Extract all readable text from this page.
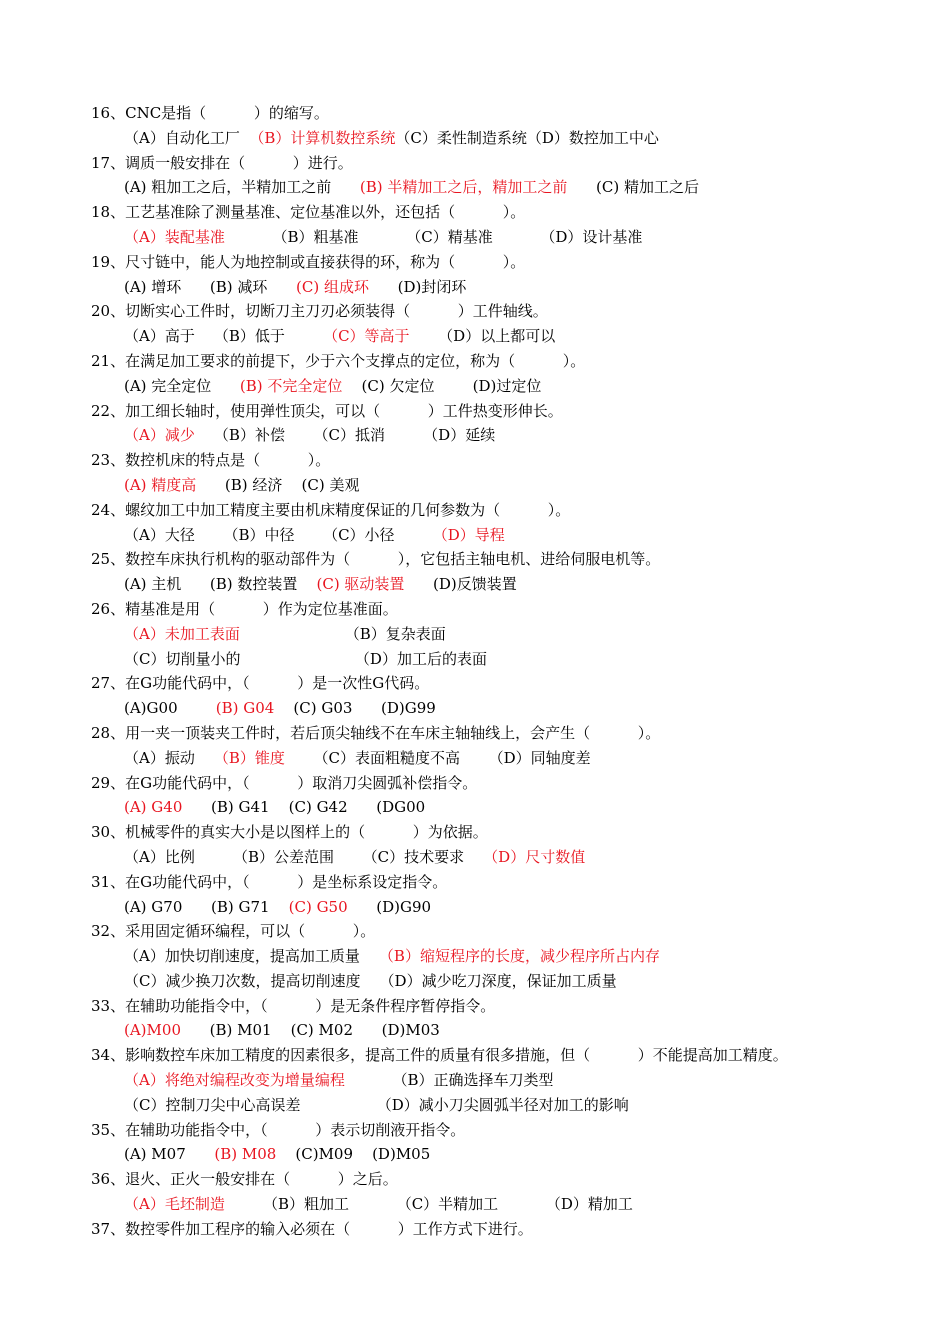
16、CNC是指（          ）的缩写。
（A）自动化工厂  （B）计算机数控系统（C）柔性制造系统（D）数控加工中心
17、调质一般安排在（          ）进行。
(A) 粗加工之后，半精加工之前      (B) 半精加工之后，精加工之前      (C) 精加工之后
18、工艺基准除了测量基准、定位基准以外，还包括（          ）。
（A）装配基准          （B）粗基准          （C）精基准          （D）设计基准
19、尺寸链中，能人为地控制或直接获得的环，称为（          ）。
(A) 增环      (B) 减环      (C) 组成环      (D)封闭环
20、切断实心工件时，切断刀主刀刃必须装得（          ）工件轴线。
（A）高于    （B）低于        （C）等高于      （D）以上都可以
21、在满足加工要求的前提下，少于六个支撑点的定位，称为（          ）。
(A) 完全定位      (B) 不完全定位    (C) 欠定位        (D)过定位
22、加工细长轴时，使用弹性顶尖，可以（          ）工件热变形伸长。
（A）减少    （B）补偿      （C）抵消        （D）延续
23、数控机床的特点是（          ）。
(A) 精度高      (B) 经济    (C) 美观
24、螺纹加工中加工精度主要由机床精度保证的几何参数为（          ）。
（A）大径      （B）中径      （C）小径        （D）导程
25、数控车床执行机构的驱动部件为（          ），它包括主轴电机、进给伺服电机等。
(A) 主机      (B) 数控装置    (C) 驱动装置      (D)反馈装置
26、精基准是用（          ）作为定位基准面。
（A）未加工表面                      （B）复杂表面
（C）切削量小的                        （D）加工后的表面
27、在G功能代码中，（          ）是一次性G代码。
(A)G00        (B) G04    (C) G03      (D)G99
28、用一夹一顶装夹工件时，若后顶尖轴线不在车床主轴轴线上，会产生（          ）。
（A）振动    （B）锥度      （C）表面粗糙度不高      （D）同轴度差
29、在G功能代码中，（          ）取消刀尖圆弧补偿指令。
(A) G40      (B) G41    (C) G42      (DG00
30、机械零件的真实大小是以图样上的（          ）为依据。
（A）比例        （B）公差范围      （C）技术要求    （D）尺寸数值
31、在G功能代码中，（          ）是坐标系设定指令。
(A) G70      (B) G71    (C) G50      (D)G90
32、采用固定循环编程，可以（          ）。
（A）加快切削速度，提高加工质量    （B）缩短程序的长度，减少程序所占内存
（C）减少换刀次数，提高切削速度    （D）减少吃刀深度，保证加工质量
33、在辅助功能指令中，（          ）是无条件程序暂停指令。
(A)M00      (B) M01    (C) M02      (D)M03
34、影响数控车床加工精度的因素很多，提高工件的质量有很多措施，但（          ）不能提高加工精度。
（A）将绝对编程改变为增量编程          （B）正确选择车刀类型
（C）控制刀尖中心高误差                （D）减小刀尖圆弧半径对加工的影响
35、在辅助功能指令中，（          ）表示切削液开指令。
(A) M07      (B) M08    (C)M09    (D)M05
36、退火、正火一般安排在（          ）之后。
（A）毛坯制造        （B）粗加工          （C）半精加工          （D）精加工
37、数控零件加工程序的输入必须在（          ）工作方式下进行。
